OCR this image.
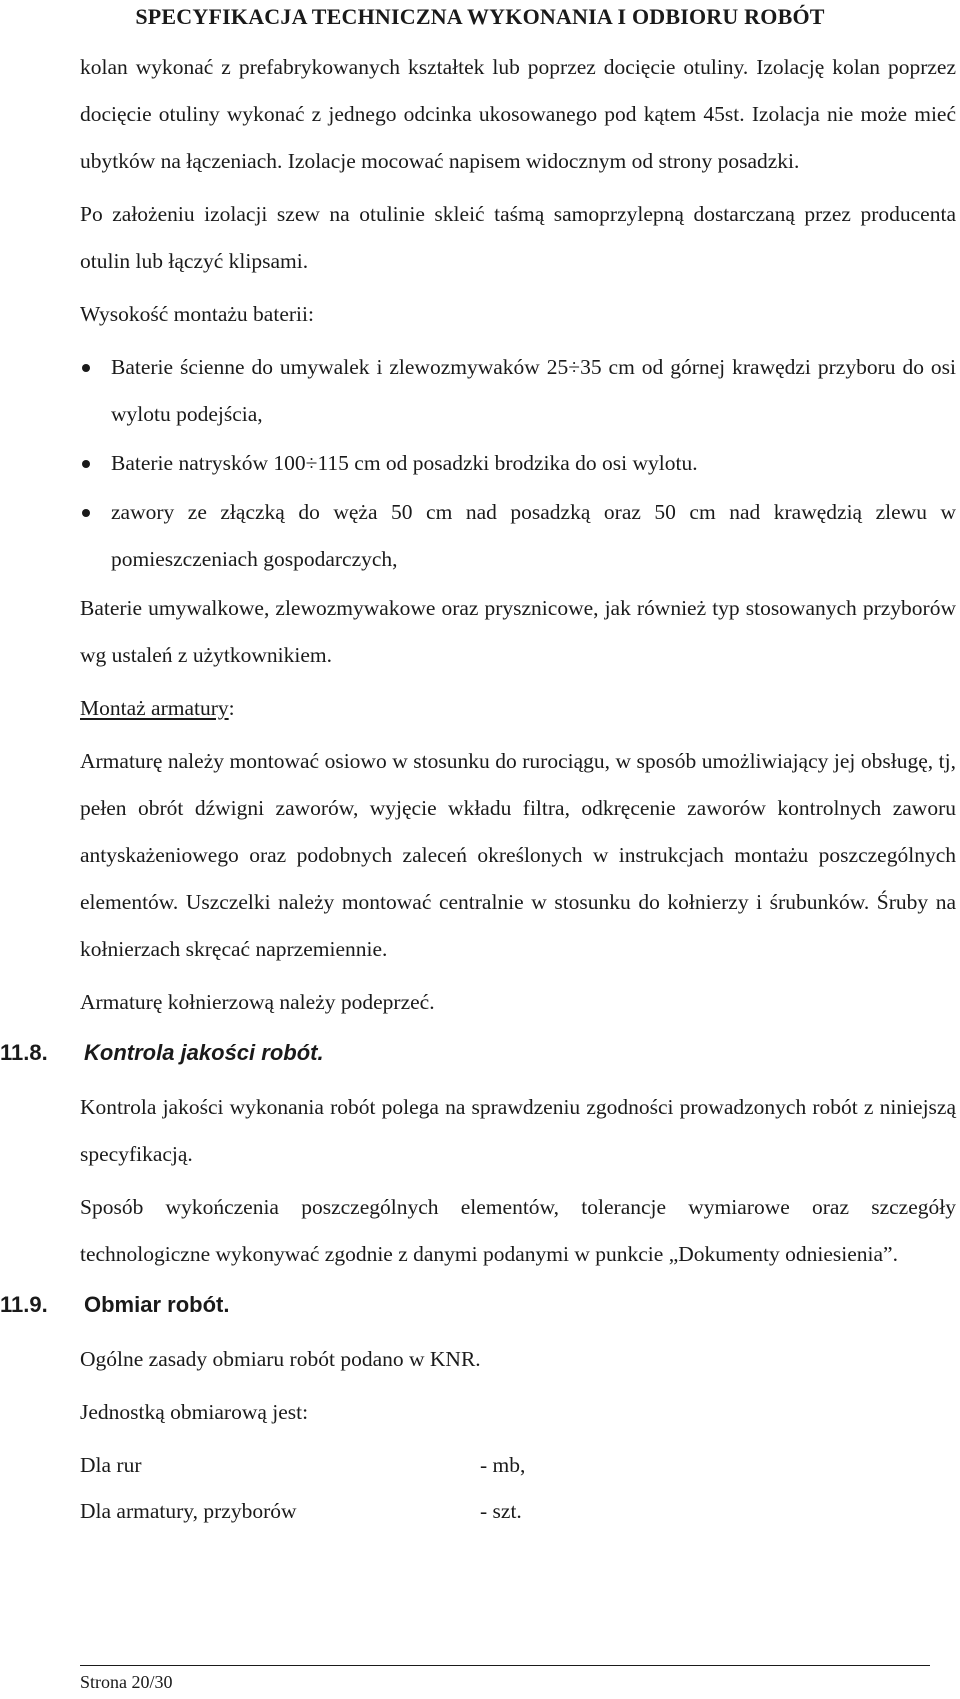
SPECYFIKACJA TECHNICZNA WYKONANIA I ODBIORU ROBÓT

kolan wykonać z prefabrykowanych kształtek lub poprzez docięcie otuliny. Izolację kolan poprzez docięcie otuliny wykonać z jednego odcinka ukosowanego pod kątem 45st. Izolacja nie może mieć ubytków na łączeniach. Izolacje mocować napisem widocznym od strony posadzki.

Po założeniu izolacji szew na otulinie skleić taśmą samoprzylepną dostarczaną przez producenta otulin lub łączyć klipsami.

Wysokość montażu baterii:

Baterie ścienne do umywalek i zlewozmywaków 25÷35 cm od górnej krawędzi przyboru do osi wylotu podejścia,
Baterie natrysków 100÷115 cm od posadzki brodzika do osi wylotu.
zawory ze złączką do węża 50 cm nad posadzką oraz 50 cm nad krawędzią zlewu w pomieszczeniach gospodarczych,

Baterie umywalkowe, zlewozmywakowe oraz prysznicowe, jak również typ stosowanych przyborów wg ustaleń z użytkownikiem.

Montaż armatury:

Armaturę należy montować osiowo w stosunku do rurociągu, w sposób umożliwiający jej obsługę, tj, pełen obrót dźwigni zaworów, wyjęcie wkładu filtra, odkręcenie zaworów kontrolnych zaworu antyskażeniowego oraz podobnych zaleceń określonych w instrukcjach montażu poszczególnych elementów. Uszczelki należy montować centralnie w stosunku do kołnierzy i śrubunków. Śruby na kołnierzach skręcać naprzemiennie.

Armaturę kołnierzową należy podeprzeć.

11.8.	Kontrola jakości robót.

Kontrola jakości wykonania robót polega na sprawdzeniu zgodności prowadzonych robót z niniejszą specyfikacją.

Sposób wykończenia poszczególnych elementów, tolerancje wymiarowe oraz szczegóły technologiczne wykonywać zgodnie z danymi podanymi w punkcie „Dokumenty odniesienia”.

11.9.	Obmiar robót.

Ogólne zasady obmiaru robót podano w KNR.

Jednostką obmiarową jest:

Dla rur	- mb,
Dla armatury, przyborów	- szt.
Strona 20/30
